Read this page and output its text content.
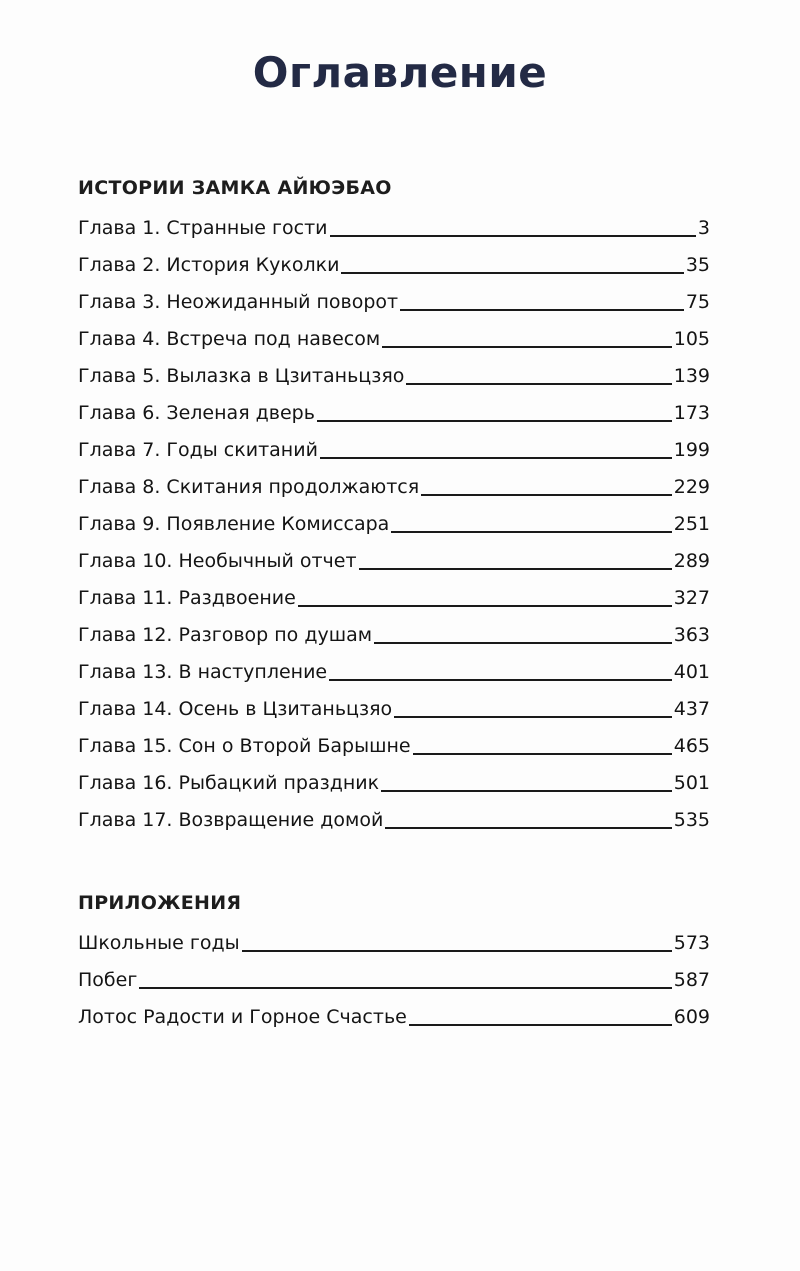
Оглавление
ИСТОРИИ ЗАМКА АЙЮЭБАО
Глава 1. Странные гости	3
Глава 2. История Куколки	35
Глава 3. Неожиданный поворот	75
Глава 4. Встреча под навесом	105
Глава 5. Вылазка в Цзитаньцзяо	139
Глава 6. Зеленая дверь	173
Глава 7. Годы скитаний	199
Глава 8. Скитания продолжаются	229
Глава 9. Появление Комиссара	251
Глава 10. Необычный отчет	289
Глава 11. Раздвоение	327
Глава 12. Разговор по душам	363
Глава 13. В наступление	401
Глава 14. Осень в Цзитаньцзяо	437
Глава 15. Сон о Второй Барышне	465
Глава 16. Рыбацкий праздник	501
Глава 17. Возвращение домой	535
ПРИЛОЖЕНИЯ
Школьные годы	573
Побег	587
Лотос Радости и Горное Счастье	609
